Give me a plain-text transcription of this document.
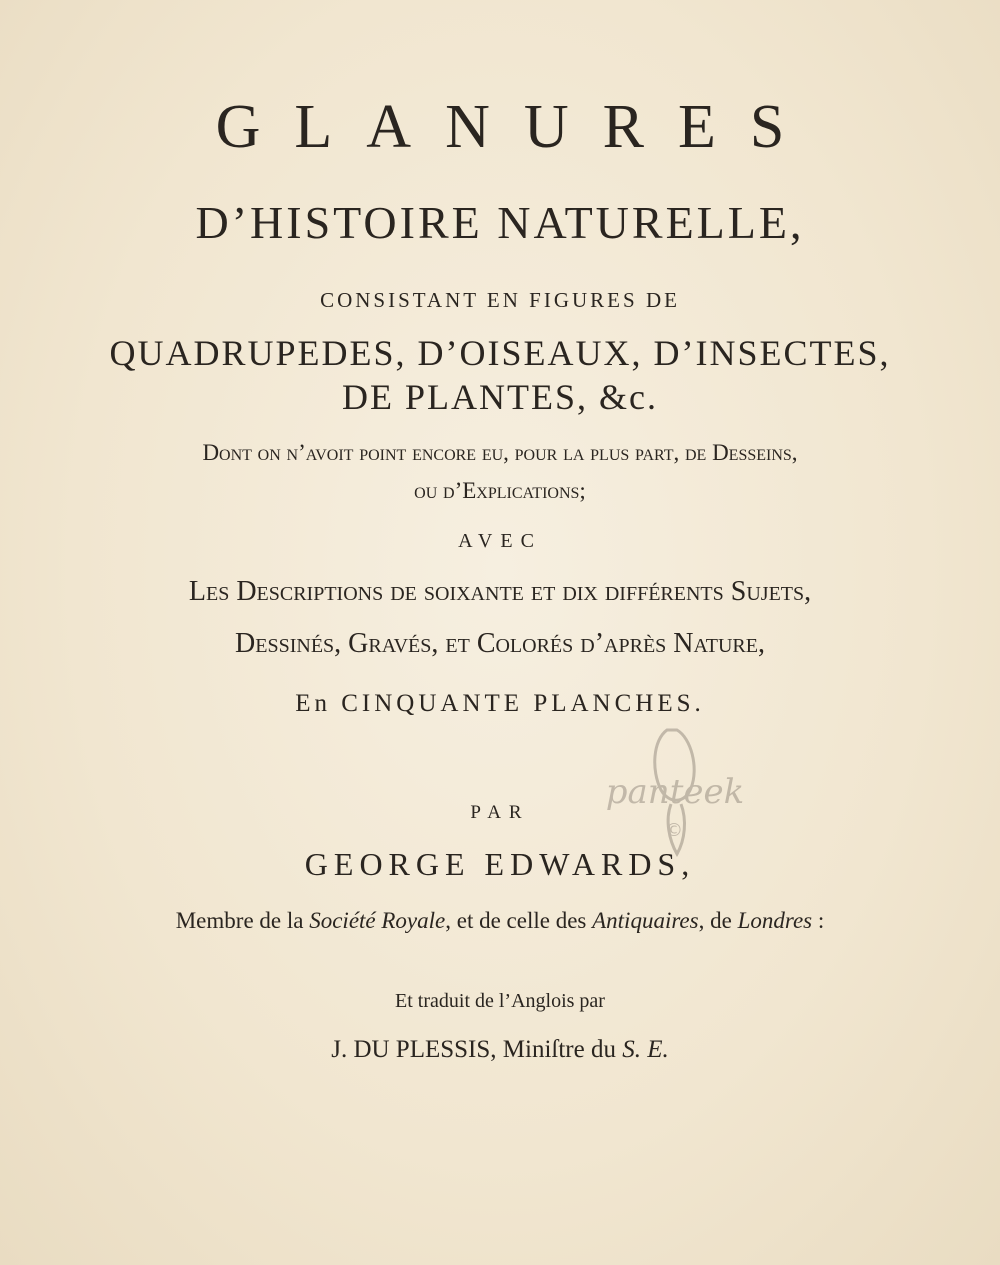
GLANURES
D’HISTOIRE NATURELLE,
CONSISTANT EN FIGURES DE
QUADRUPEDES, D’OISEAUX, D’INSECTES,
DE PLANTES, &c.
Dont on n’avoit point encore eu, pour la plus part, de Desseins,
ou d’Explications;
AVEC
Les Descriptions de ſoixante et dix différents Sujets,
Deſſinés, Gravés, et Colorés d’après Nature,
En CINQUANTE PLANCHES.
panteek
©
PAR
GEORGE EDWARDS,
Membre de la Société Royale, et de celle des Antiquaires, de Londres :
Et traduit de l’Anglois par
J. DU PLESSIS, Miniſtre du S. E.
